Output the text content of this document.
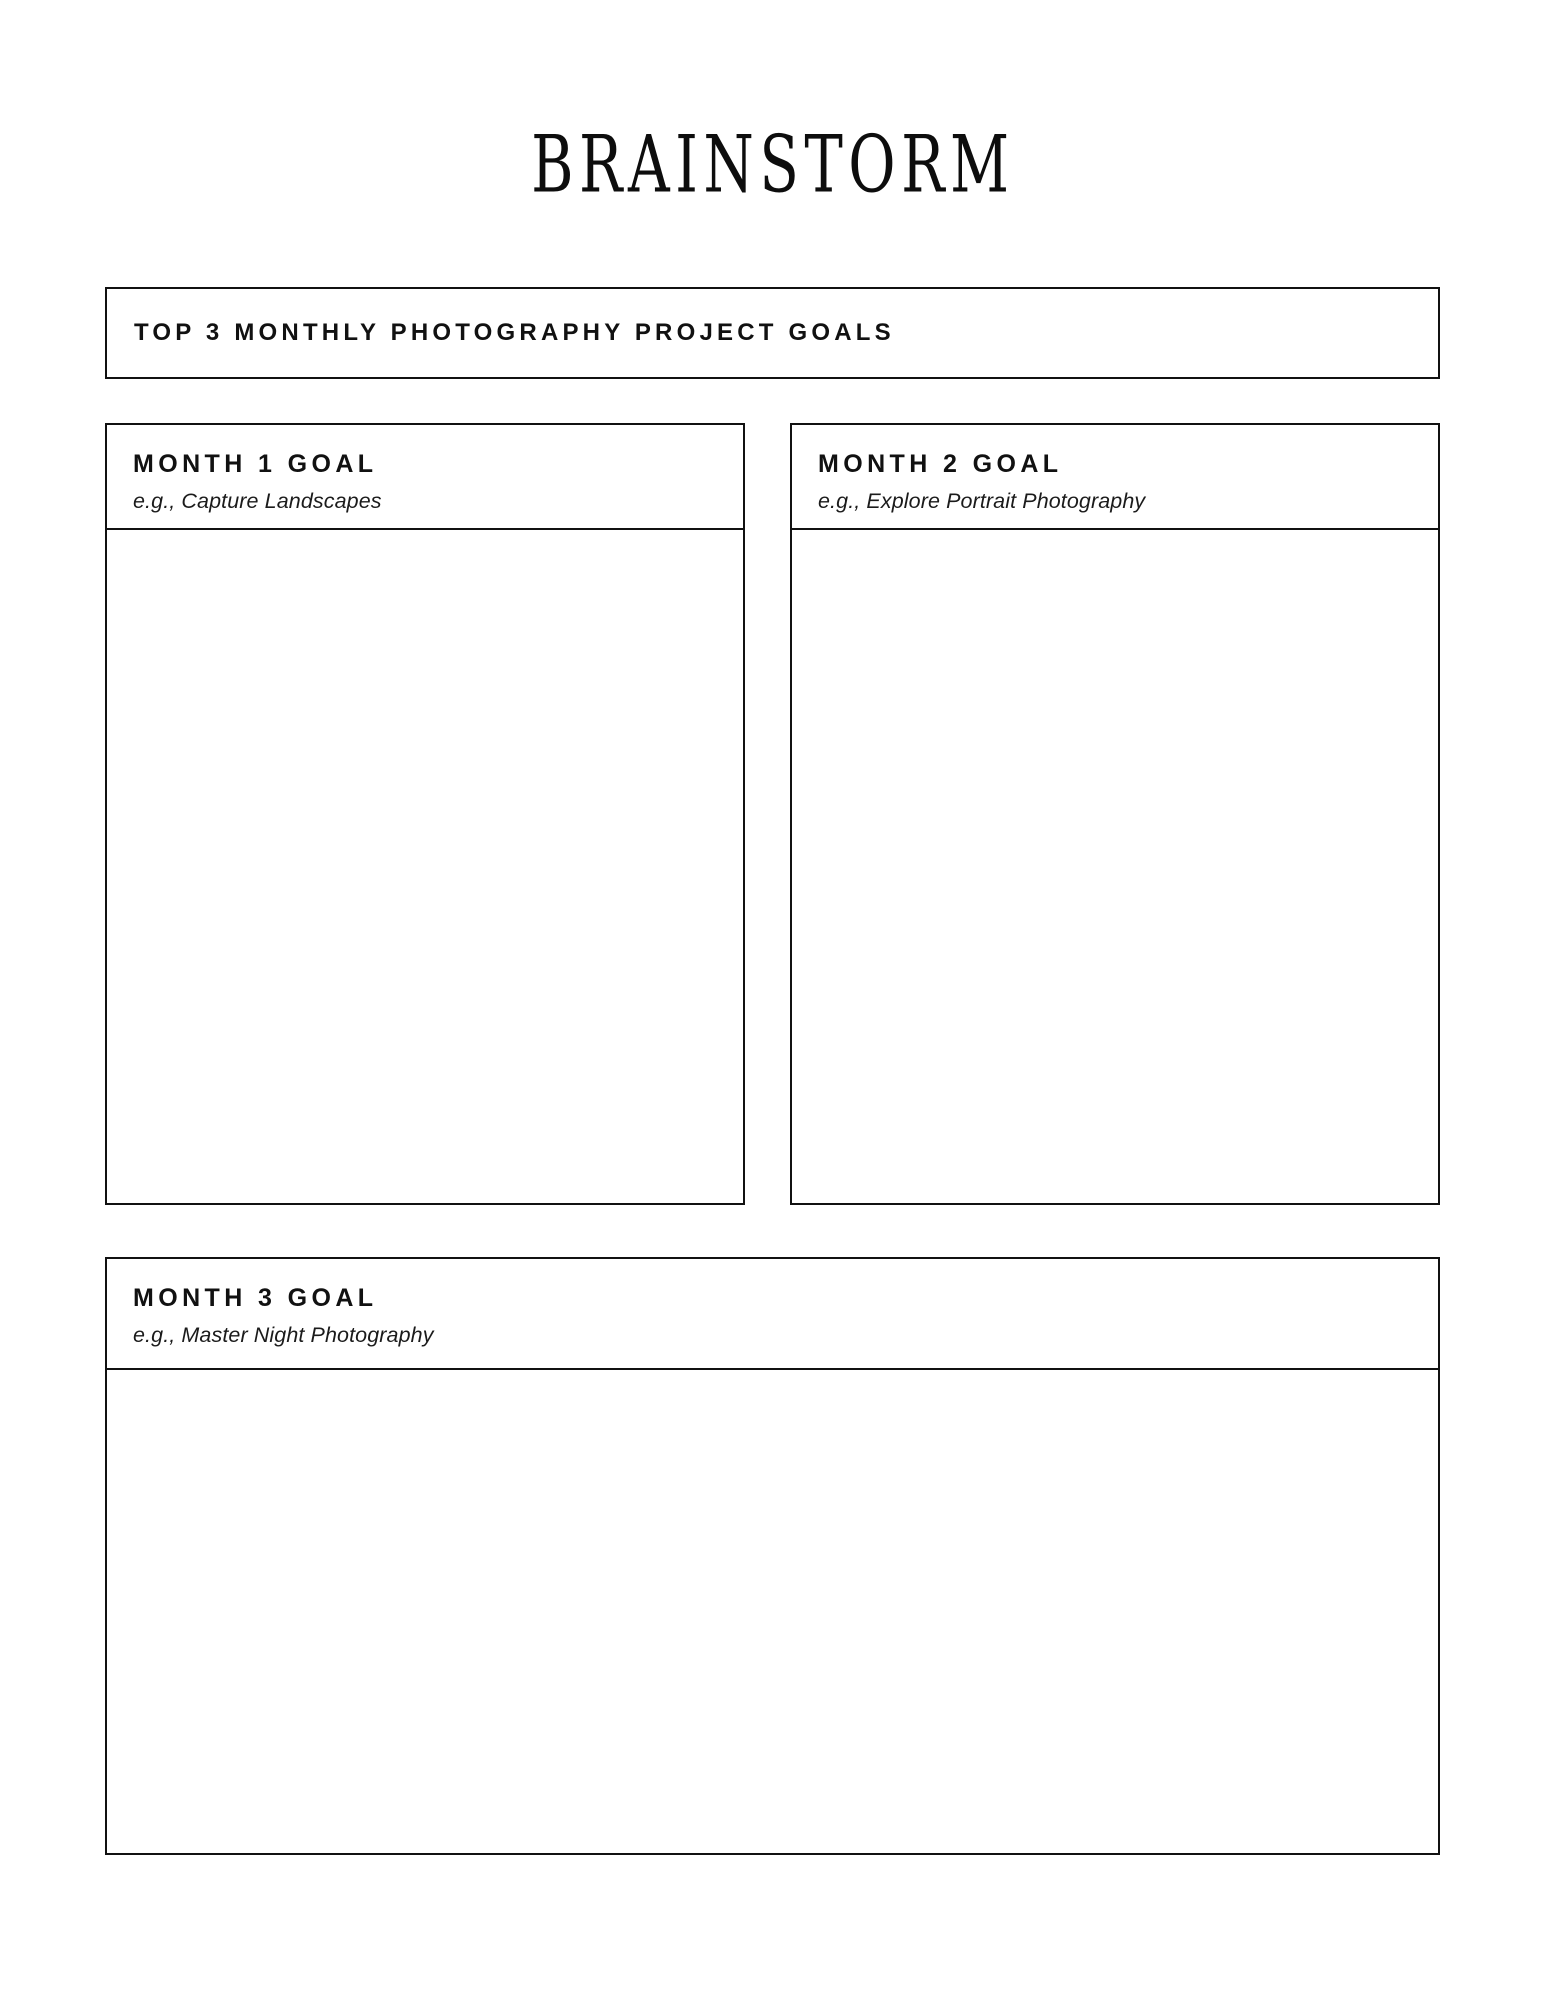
BRAINSTORM
TOP 3 MONTHLY PHOTOGRAPHY PROJECT GOALS
MONTH 1 GOAL
e.g., Capture Landscapes
MONTH 2 GOAL
e.g., Explore Portrait Photography
MONTH 3 GOAL
e.g., Master Night Photography
